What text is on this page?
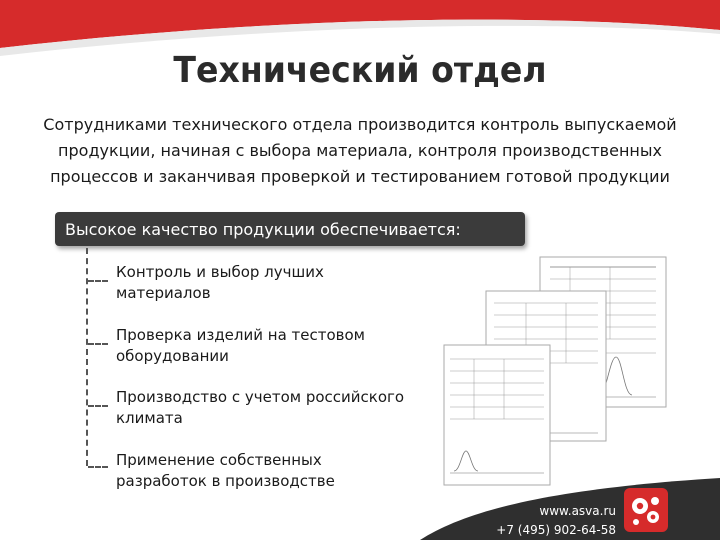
Технический отдел
Сотрудниками технического отдела производится контроль выпускаемой продукции, начиная с выбора материала, контроля производственных процессов и заканчивая проверкой и тестированием готовой продукции
Высокое качество продукции обеспечивается:
Контроль и выбор лучших материалов
Проверка изделий на тестовом оборудовании
Производство с учетом российского климата
Применение собственных разработок в производстве
www.asva.ru
+7 (495) 902-64-58
